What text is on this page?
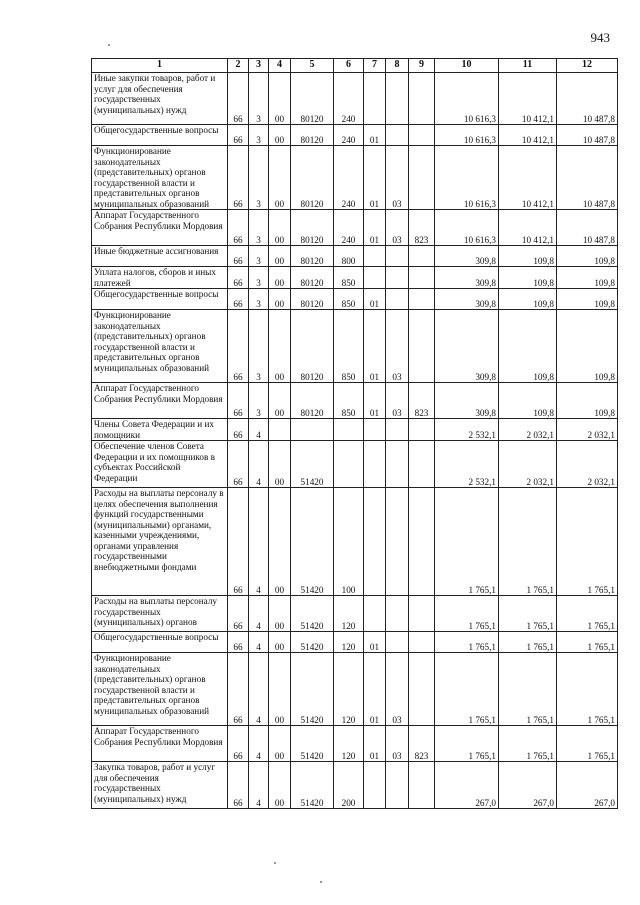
943
1	2	3	4	5	6	7	8	9	10	11	12
Иные закупки товаров, работ и услуг для обеспечения государственных (муниципальных) нужд	66	3	00	80120	240				10 616,3	10 412,1	10 487,8
Общегосударственные вопросы	66	3	00	80120	240	01			10 616,3	10 412,1	10 487,8
Функционирование законодательных (представительных) органов государственной власти и представительных органов муниципальных образований	66	3	00	80120	240	01	03		10 616,3	10 412,1	10 487,8
Аппарат Государственного Собрания Республики Мордовия	66	3	00	80120	240	01	03	823	10 616,3	10 412,1	10 487,8
Иные бюджетные ассигнования	66	3	00	80120	800				309,8	109,8	109,8
Уплата налогов, сборов и иных платежей	66	3	00	80120	850				309,8	109,8	109,8
Общегосударственные вопросы	66	3	00	80120	850	01			309,8	109,8	109,8
Функционирование законодательных (представительных) органов государственной власти и представительных органов муниципальных образований	66	3	00	80120	850	01	03		309,8	109,8	109,8
Аппарат Государственного Собрания Республики Мордовия	66	3	00	80120	850	01	03	823	309,8	109,8	109,8
Члены Совета Федерации и их помощники	66	4							2 532,1	2 032,1	2 032,1
Обеспечение членов Совета Федерации и их помощников в субъектах Российской Федерации	66	4	00	51420					2 532,1	2 032,1	2 032,1
Расходы на выплаты персоналу в целях обеспечения выполнения функций государственными (муниципальными) органами, казенными учреждениями, органами управления государственными внебюджетными фондами	66	4	00	51420	100				1 765,1	1 765,1	1 765,1
Расходы на выплаты персоналу государственных (муниципальных) органов	66	4	00	51420	120				1 765,1	1 765,1	1 765,1
Общегосударственные вопросы	66	4	00	51420	120	01			1 765,1	1 765,1	1 765,1
Функционирование законодательных (представительных) органов государственной власти и представительных органов муниципальных образований	66	4	00	51420	120	01	03		1 765,1	1 765,1	1 765,1
Аппарат Государственного Собрания Республики Мордовия	66	4	00	51420	120	01	03	823	1 765,1	1 765,1	1 765,1
Закупка товаров, работ и услуг для обеспечения государственных (муниципальных) нужд	66	4	00	51420	200				267,0	267,0	267,0
